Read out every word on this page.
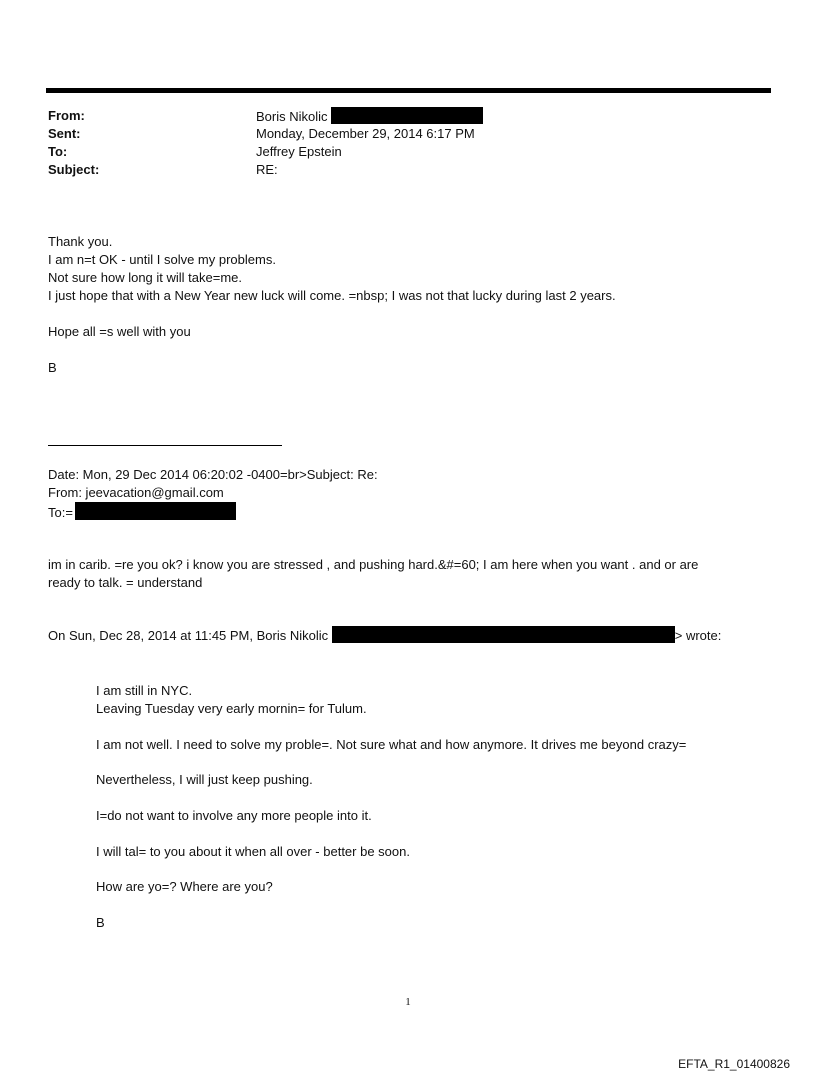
From:	Boris Nikolic
Sent:	Monday, December 29, 2014 6:17 PM
To:	Jeffrey Epstein
Subject:	RE:
Thank you.
I am n=t OK - until I solve my problems.
Not sure how long it will take=me.
I just hope that with a New Year new luck will come. =nbsp; I was not that lucky during last 2 years.
Hope all =s well with you
B
Date: Mon, 29 Dec 2014 06:20:02 -0400=br>Subject: Re:
From: jeevacation@gmail.com
To:=
im in carib. =re you ok? i know you are stressed , and pushing hard.&#=60; I am here when you want . and or are
ready to talk. = understand
On Sun, Dec 28, 2014 at 11:45 PM, Boris Nikolic	> wrote:
I am still in NYC.
Leaving Tuesday very early mornin= for Tulum.
I am not well. I need to solve my proble=. Not sure what and how anymore. It drives me beyond crazy=
Nevertheless, I will just keep pushing.
I=do not want to involve any more people into it.
I will tal= to you about it when all over - better be soon.
How are yo=? Where are you?
B
1
EFTA_R1_01400826
